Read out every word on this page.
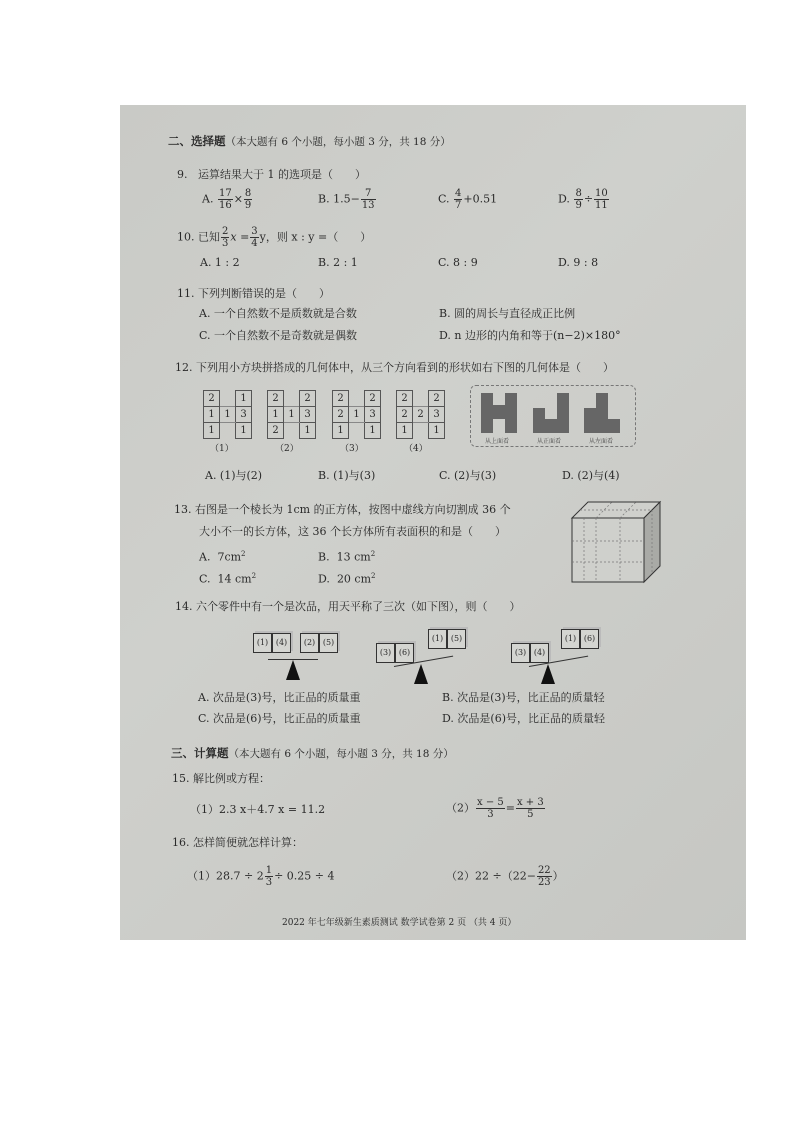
二、选择题（本大题有 6 个小题，每小题 3 分，共 18 分）
9. 运算结果大于 1 的选项是（　　）
A. $\frac{17}{16} \times \frac{8}{9}$	B. $1.5- \frac{7}{13}$	C. $\frac{4}{7} +0.51$	D. $\frac{8}{9} \div \frac{10}{11}$
10. 已知 $\frac{2}{3}$ $x = \frac{3}{4}$ y，则 x : y =（　　）
A. 1 : 2	B. 2 : 1	C. 8 : 9	D. 9 : 8
11. 下列判断错误的是（　　）
A. 一个自然数不是质数就是合数	B. 圆的周长与直径成正比例
C. 一个自然数不是奇数就是偶数	D. n 边形的内角和等于(n−2)×180°
12. 下列用小方块拼搭成的几何体中，从三个方向看到的形状如右下图的几何体是（　　）
2		1
1	1	3
1		1
（1）
2		2
1	1	3
2		1
（2）
2		2
2	1	3
1		1
（3）
2		2
2	2	3
1		1
（4）
从上面看	从正面看	从左面看
A. (1)与(2)	B. (1)与(3)	C. (2)与(3)	D. (2)与(4)
13. 右图是一个棱长为 1cm 的正方体，按图中虚线方向切割成 36 个
大小不一的长方体，这 36 个长方体所有表面积的和是（　　）
A. $7cm^2$	B. 13 $cm^2$
C. 14 $cm^2$	D. 20 $cm^2$
14. 六个零件中有一个是次品，用天平称了三次（如下图），则（　　）
(1) (4)	(2) (5)
(3) (6)
(1) (5)
(3) (4)
(1) (6)
A. 次品是(3)号，比正品的质量重	B. 次品是(3)号，比正品的质量轻
C. 次品是(6)号，比正品的质量重	D. 次品是(6)号，比正品的质量轻
三、计算题（本大题有 6 个小题，每小题 3 分，共 18 分）
15. 解比例或方程：
（1）2.3 x＋4.7 x = 11.2	$(2) \frac{x - 5}{3} = \frac{x + 3}{5}$
16. 怎样简便就怎样计算：
$(1)28.7 \div 2 \frac{1}{3} \div 0.25 \div 4$	$(2)22 \div(22- \frac{22}{23}$ ）
2022 年七年级新生素质测试 数学试卷第 2 页 （共 4 页）
